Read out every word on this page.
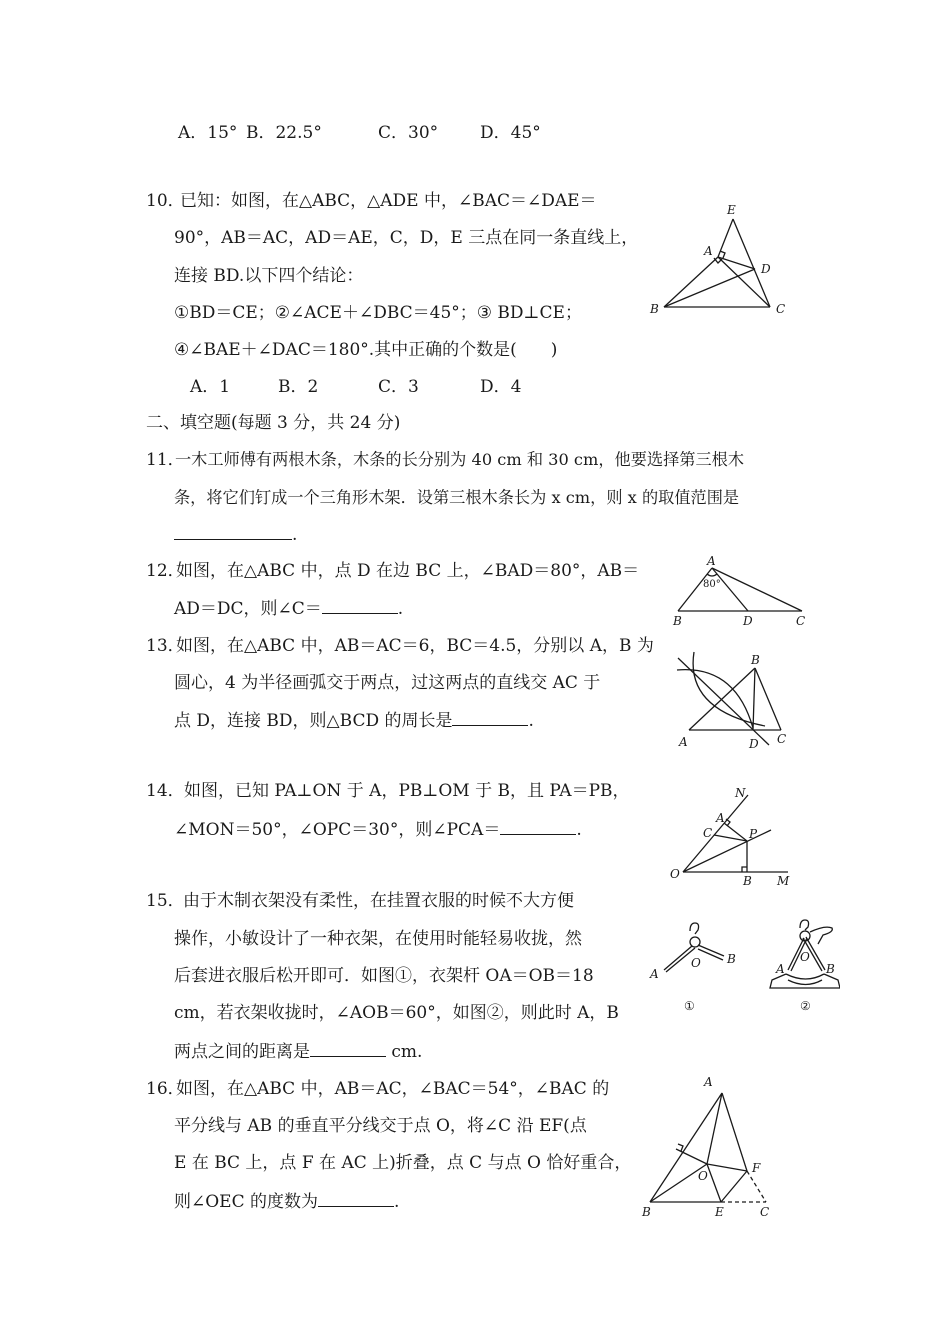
A．15° B．22.5°	C．30° D．45°
10．
已知：如图，在△ABC，△ADE 中，∠BAC＝∠DAE＝
90°，AB＝AC，AD＝AE，C，D，E 三点在同一条直线上，
连接 BD.以下四个结论：
①BD＝CE；②∠ACE＋∠DBC＝45°；③ BD⊥CE；
④∠BAE＋∠DAC＝180°.其中正确的个数是(　　)
A．1	B．2	C．3	D．4
E
A
D
B	C
二、填空题(每题 3 分，共 24 分)
11．
一木工师傅有两根木条，木条的长分别为 40 cm 和 30 cm，他要选择第三根木
条，将它们钉成一个三角形木架．设第三根木条长为 x cm，则 x 的取值范围是
.
12．
如图，在△ABC 中，点 D 在边 BC 上，∠BAD＝80°，AB＝
AD＝DC，则∠C＝	.
A
80°
B	D	C
13．
如图，在△ABC 中，AB＝AC＝6，BC＝4.5，分别以 A，B 为
圆心，4 为半径画弧交于两点，过这两点的直线交 AC 于
点 D，连接 BD，则△BCD 的周长是	.
B
A	D C
14． 如图，已知 PA⊥ON 于 A，PB⊥OM 于 B，且 PA＝PB，
∠MON＝50°，∠OPC＝30°，则∠PCA＝	.
N
A
C	P
O	B M
15．
由于木制衣架没有柔性，在挂置衣服的时候不大方便
操作，小敏设计了一种衣架，在使用时能轻易收拢，然
后套进衣服后松开即可．如图①，衣架杆 OA＝OB＝18
cm，若衣架收拢时，∠AOB＝60°，如图②，则此时 A，B
两点之间的距离是	cm.
O B
A
①
O
A	B
②
16．
如图，在△ABC 中，AB＝AC，∠BAC＝54°，∠BAC 的
平分线与 AB 的垂直平分线交于点 O，将∠C 沿 EF(点
E 在 BC 上，点 F 在 AC 上)折叠，点 C 与点 O 恰好重合，
则∠OEC 的度数为	.
A
O
F
B	E	C
